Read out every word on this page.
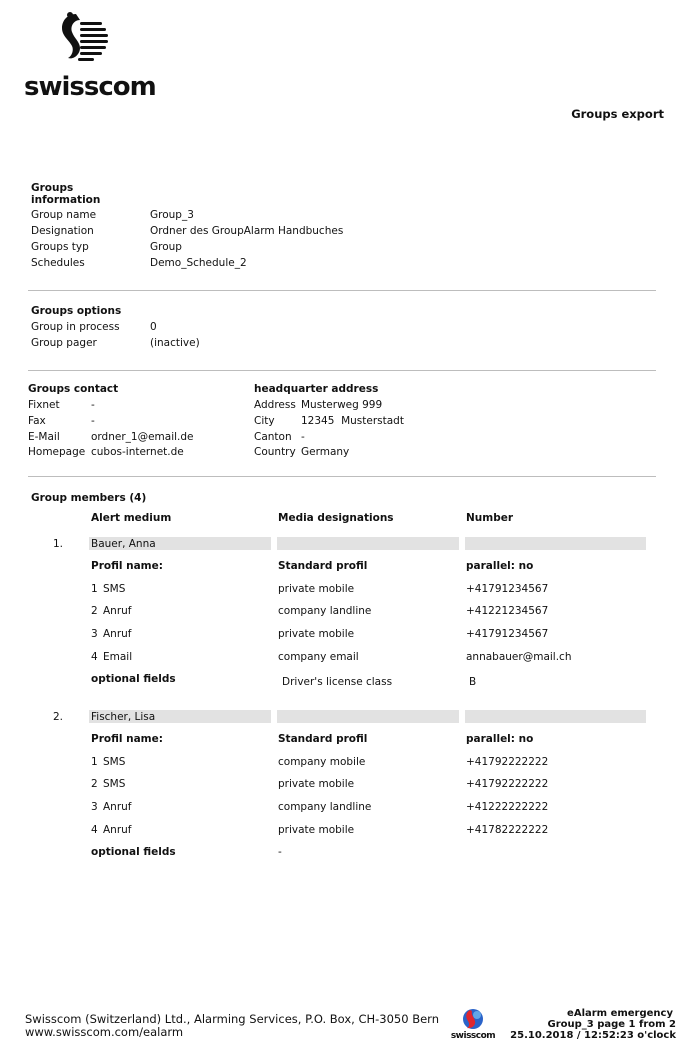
swisscom
Groups export
Groups information
Group name	Group_3
Designation	Ordner des GroupAlarm Handbuches
Groups typ	Group
Schedules	Demo_Schedule_2
Groups options
Group in process	0
Group pager	(inactive)
Groups contact
Fixnet	-
Fax	-
E-Mail	ordner_1@email.de
Homepage cubos-internet.de
headquarter address
Address Musterweg 999
City	12345  Musterstadt
Canton -
Country Germany
Group members (4)
Alert medium	Media designations	Number
1.	Bauer, Anna
Profil name:	Standard profil	parallel: no
1 SMS	private mobile	+41791234567
2 Anruf	company landline	+41221234567
3 Anruf	private mobile	+41791234567
4 Email	company email	annabauer@mail.ch
optional fields	Driver's license class	B
2.	Fischer, Lisa
Profil name:	Standard profil	parallel: no
1 SMS	company mobile	+41792222222
2 SMS	private mobile	+41792222222
3 Anruf	company landline	+41222222222
4 Anruf	private mobile	+41782222222
optional fields	-
Swisscom (Switzerland) Ltd., Alarming Services, P.O. Box, CH-3050 Bern
www.swisscom.com/ealarm	swisscom
eAlarm emergency
Group_3 page 1 from 2
25.10.2018 / 12:52:23 o'clock
